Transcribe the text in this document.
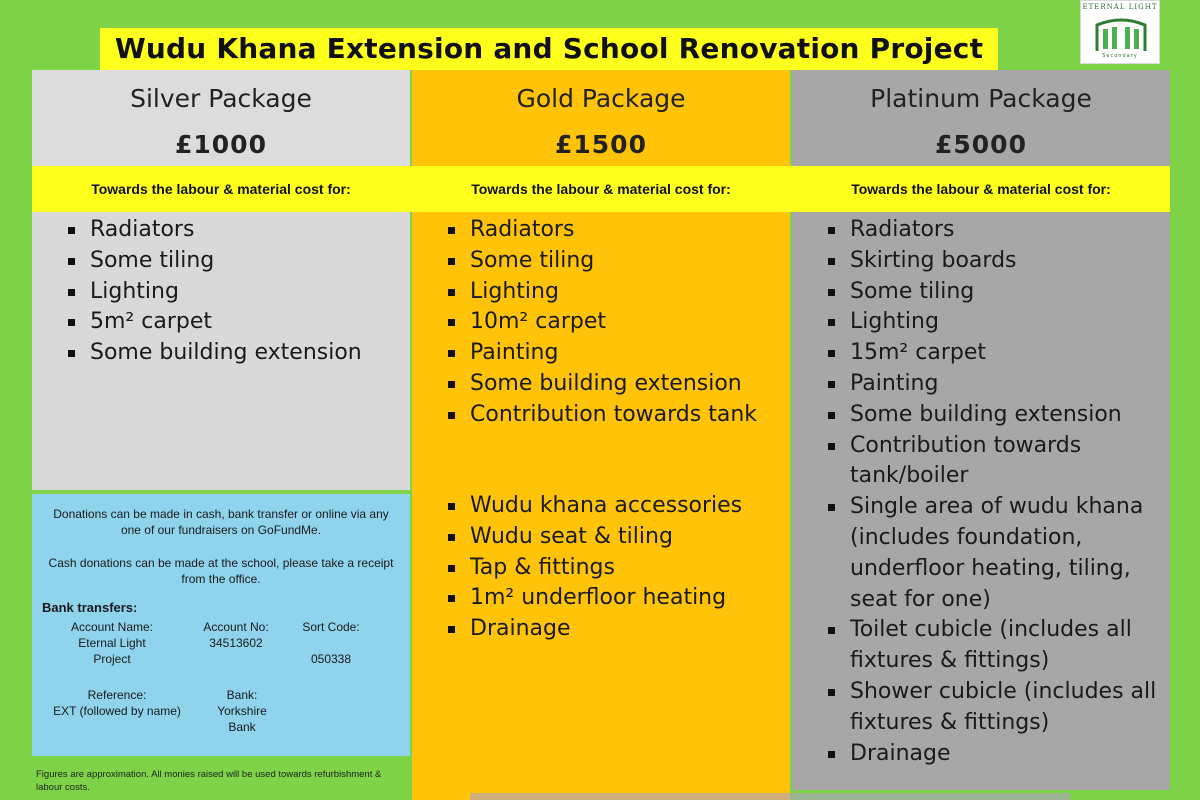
Wudu Khana Extension and School Renovation Project
ETERNAL LIGHT
Secondary
Silver Package
£1000
Gold Package
£1500
Radiators
Some tiling
Lighting
10m² carpet
Painting
Some building extension
Contribution towards tank
Wudu khana accessories
Wudu seat & tiling
Tap & fittings
1m² underfloor heating
Drainage
Platinum Package
£5000
Radiators
Skirting boards
Some tiling
Lighting
15m² carpet
Painting
Some building extension
Contribution towards tank/boiler
Single area of wudu khana (includes foundation, underfloor heating, tiling, seat for one)
Toilet cubicle (includes all fixtures & fittings)
Shower cubicle (includes all fixtures & fittings)
Drainage
Towards the labour & material cost for:	Towards the labour & material cost for:	Towards the labour & material cost for:
Radiators
Some tiling
Lighting
5m² carpet
Some building extension
Donations can be made in cash, bank transfer or online via any one of our fundraisers on GoFundMe.
Cash donations can be made at the school, please take a receipt from the office.
Bank transfers:
Account Name:
Eternal Light Project
Account No:
34513602
Sort Code:
050338
Reference:
EXT (followed by name)
Bank:
Yorkshire Bank
Figures are approximation. All monies raised will be used towards refurbishment & labour costs.
